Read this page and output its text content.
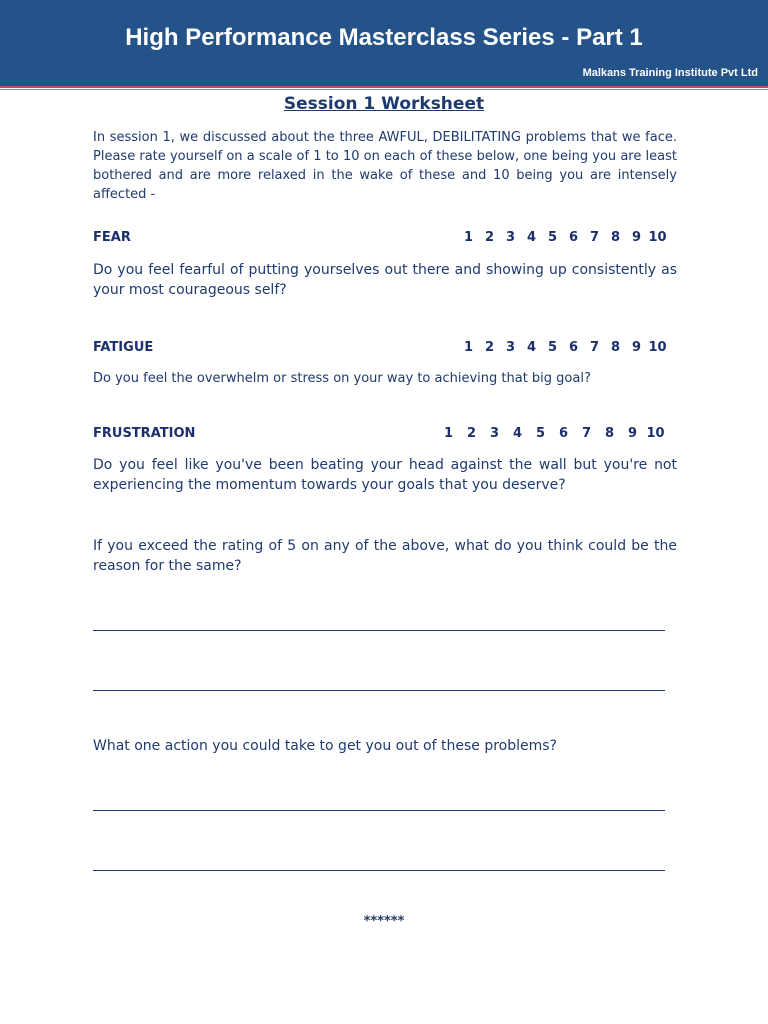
High Performance Masterclass Series - Part 1
Malkans Training Institute Pvt Ltd
Session 1 Worksheet
In session 1, we discussed about the three AWFUL, DEBILITATING problems that we face. Please rate yourself on a scale of 1 to 10 on each of these below, one being you are least bothered and are more relaxed in the wake of these and 10 being you are intensely affected -
FEAR	1 2 3 4 5 6 7 8 9 10
Do you feel fearful of putting yourselves out there and showing up consistently as your most courageous self?
FATIGUE	1 2 3 4 5 6 7 8 9 10
Do you feel the overwhelm or stress on your way to achieving that big goal?
FRUSTRATION	1	2	3	4	5	6	7	8	9 10
Do you feel like you've been beating your head against the wall but you're not experiencing the momentum towards your goals that you deserve?
If you exceed the rating of 5 on any of the above, what do you think could be the reason for the same?
What one action you could take to get you out of these problems?
******
